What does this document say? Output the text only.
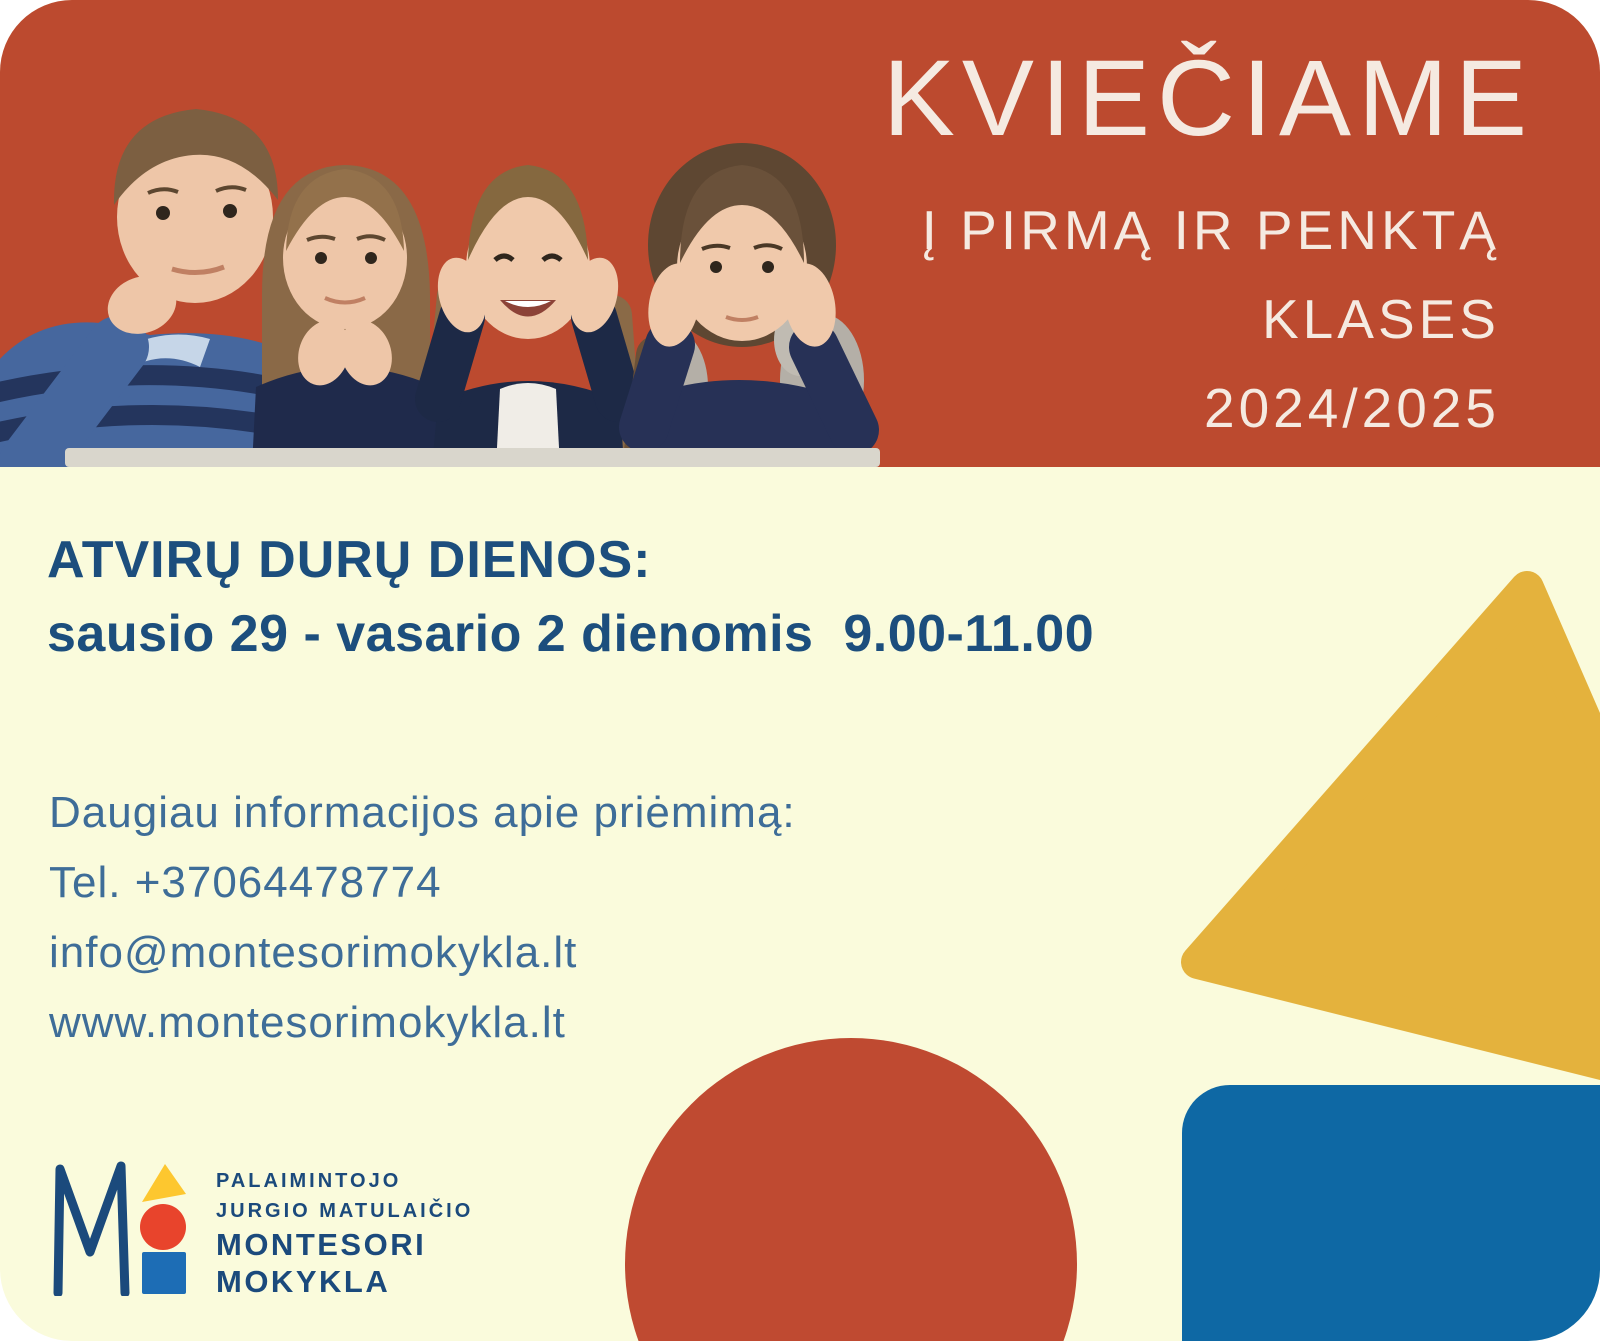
KVIEČIAME
Į PIRMĄ IR PENKTĄ
KLASES
2024/2025
ATVIRŲ DURŲ DIENOS:
sausio 29 - vasario 2 dienomis  9.00-11.00
Daugiau informacijos apie priėmimą:
Tel. +37064478774
info@montesorimokykla.lt
www.montesorimokykla.lt
PALAIMINTOJO
JURGIO MATULAIČIO
MONTESORI
MOKYKLA
